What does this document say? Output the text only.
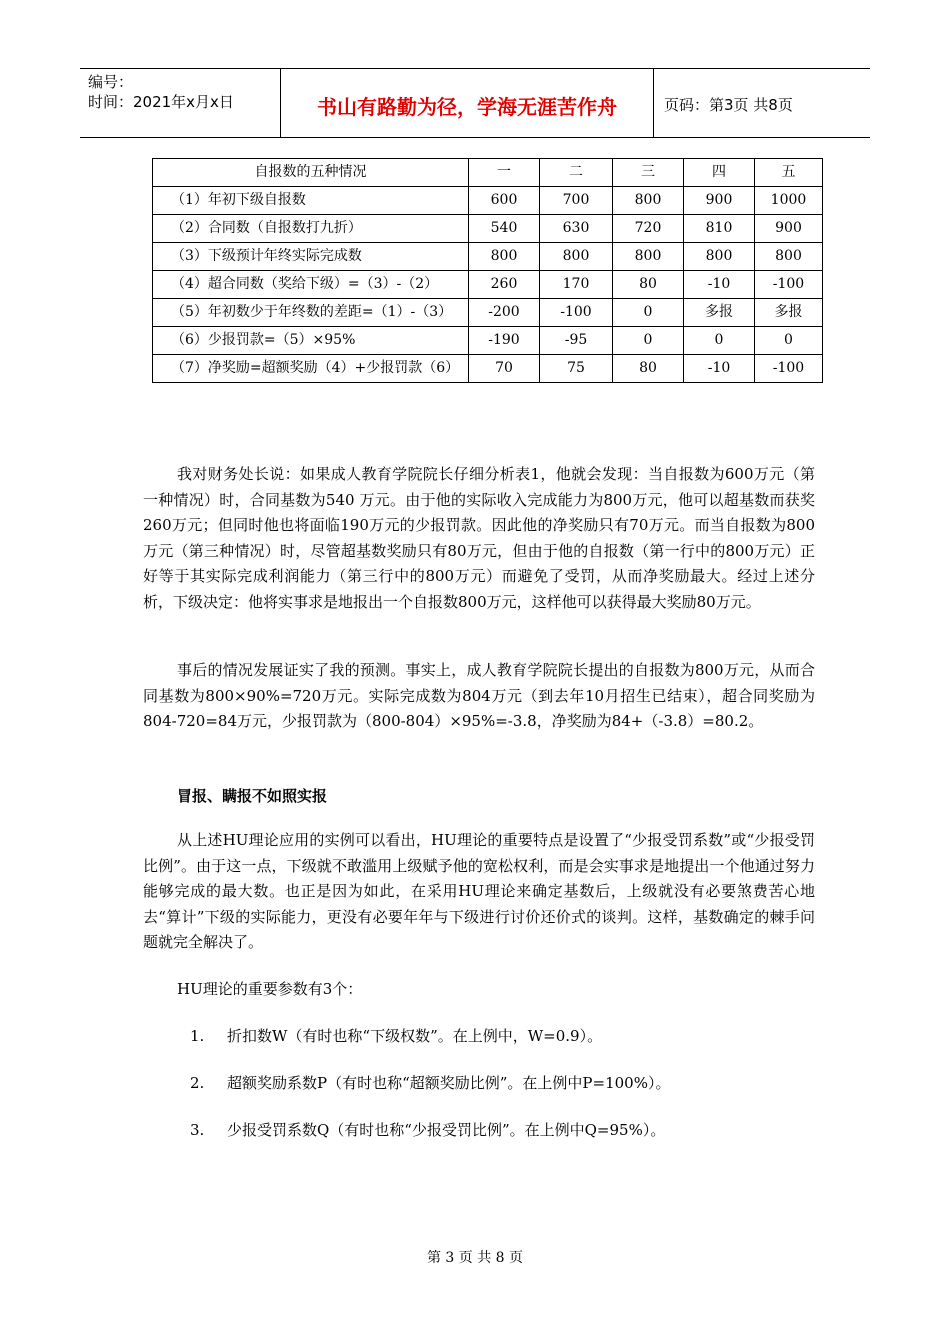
编号：
时间：2021年x月x日	书山有路勤为径，学海无涯苦作舟	页码：第3页 共8页
自报数的五种情况	一	二	三	四	五
（1）年初下级自报数	600	700	800	900	1000
（2）合同数（自报数打九折）	540	630	720	810	900
（3）下级预计年终实际完成数	800	800	800	800	800
（4）超合同数（奖给下级）=（3）-（2）	260	170	80	-10	-100
（5）年初数少于年终数的差距=（1）-（3）	-200	-100	0	多报	多报
（6）少报罚款=（5）×95%	-190	-95	0	0	0
（7）净奖励=超额奖励（4）+少报罚款（6）	70	75	80	-10	-100

我对财务处长说：如果成人教育学院院长仔细分析表1，他就会发现：当自报数为600万元（第一种情况）时，合同基数为540 万元。由于他的实际收入完成能力为800万元，他可以超基数而获奖260万元；但同时他也将面临190万元的少报罚款。因此他的净奖励只有70万元。而当自报数为800万元（第三种情况）时，尽管超基数奖励只有80万元，但由于他的自报数（第一行中的800万元）正好等于其实际完成利润能力（第三行中的800万元）而避免了受罚，从而净奖励最大。经过上述分析，下级决定：他将实事求是地报出一个自报数800万元，这样他可以获得最大奖励80万元。

事后的情况发展证实了我的预测。事实上，成人教育学院院长提出的自报数为800万元，从而合同基数为800×90%=720万元。实际完成数为804万元（到去年10月招生已结束），超合同奖励为804-720=84万元，少报罚款为（800-804）×95%=-3.8，净奖励为84+（-3.8）=80.2。

冒报、瞒报不如照实报

从上述HU理论应用的实例可以看出，HU理论的重要特点是设置了“少报受罚系数”或“少报受罚比例”。由于这一点，下级就不敢滥用上级赋予他的宽松权利，而是会实事求是地提出一个他通过努力能够完成的最大数。也正是因为如此，在采用HU理论来确定基数后，上级就没有必要煞费苦心地去“算计”下级的实际能力，更没有必要年年与下级进行讨价还价式的谈判。这样，基数确定的棘手问题就完全解决了。

HU理论的重要参数有3个：
1. 折扣数W（有时也称“下级权数”。在上例中，W=0.9）。
2. 超额奖励系数P（有时也称“超额奖励比例”。在上例中P=100%）。
3. 少报受罚系数Q（有时也称“少报受罚比例”。在上例中Q=95%）。
第 3 页 共 8 页
